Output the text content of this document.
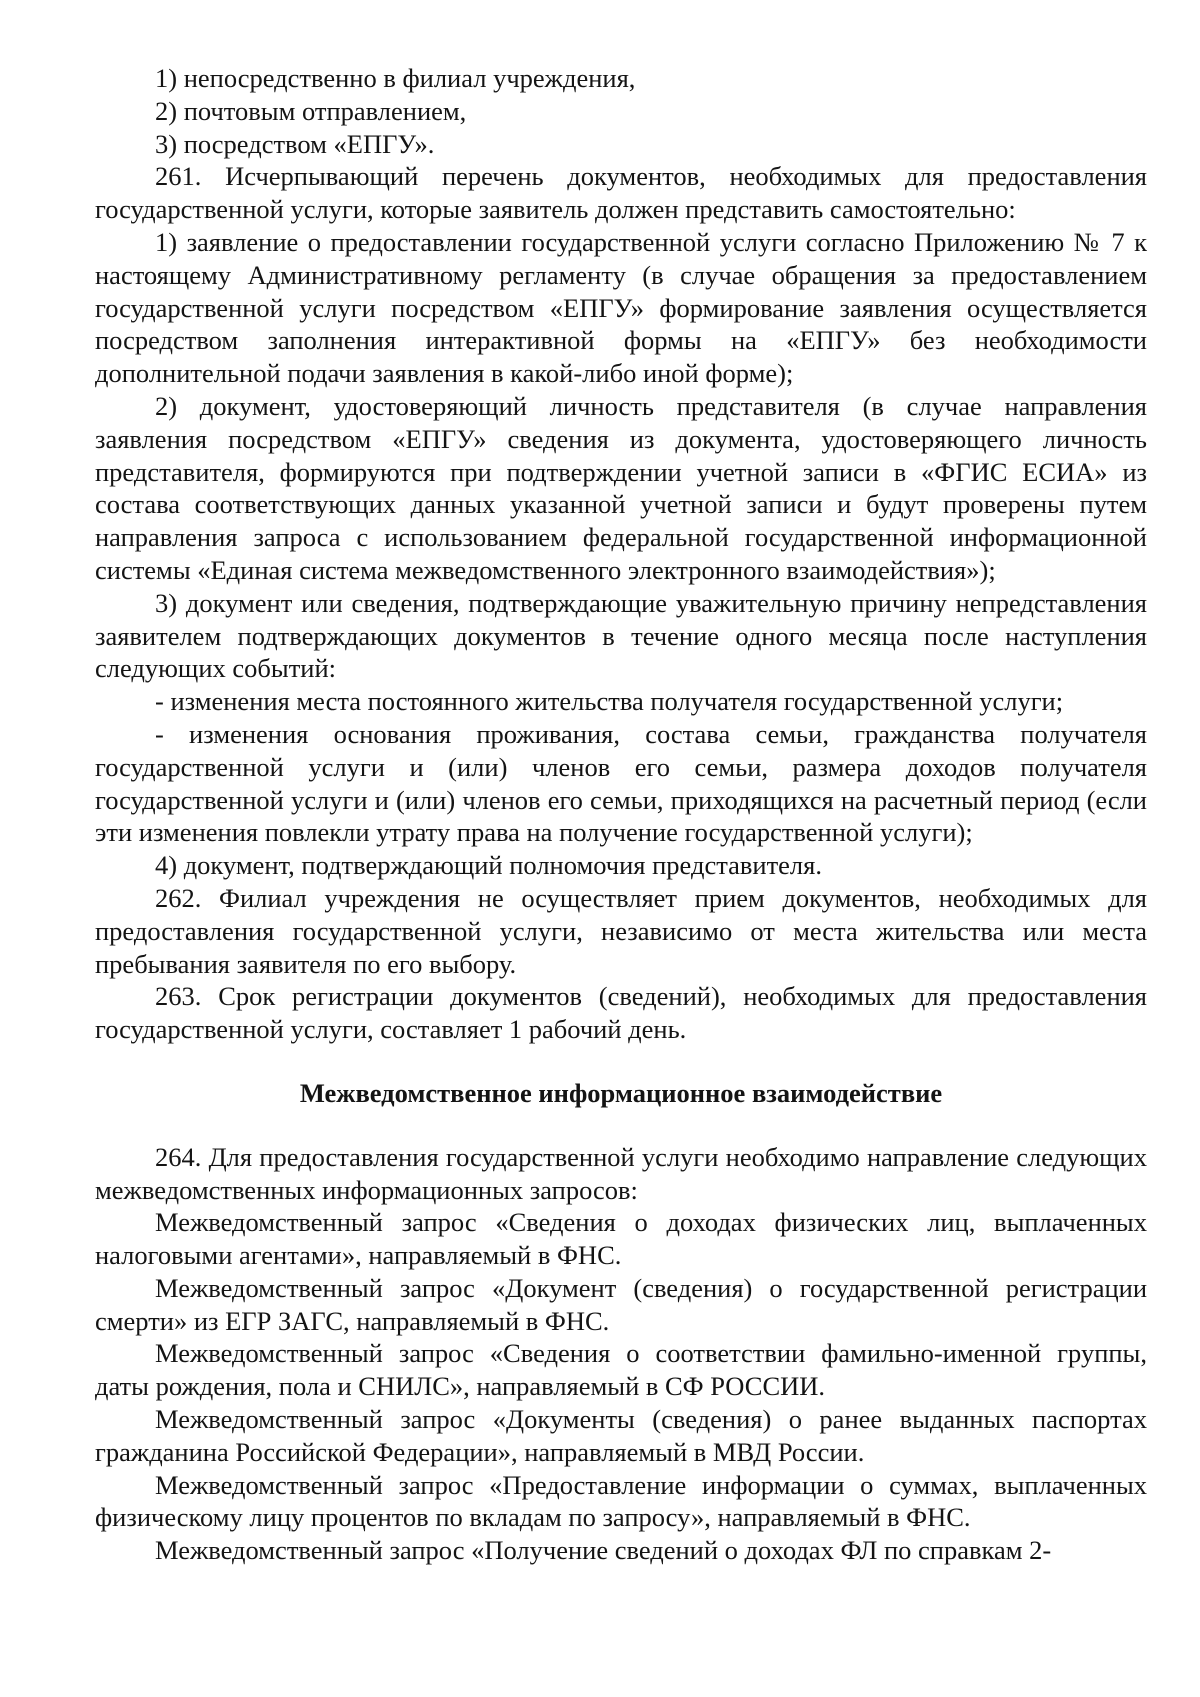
1) непосредственно в филиал учреждения,

2) почтовым отправлением,

3) посредством «ЕПГУ».

261. Исчерпывающий перечень документов, необходимых для предоставления государственной услуги, которые заявитель должен представить самостоятельно:

1) заявление о предоставлении государственной услуги согласно Приложению № 7 к настоящему Административному регламенту (в случае обращения за предоставлением государственной услуги посредством «ЕПГУ» формирование заявления осуществляется посредством заполнения интерактивной формы на «ЕПГУ» без необходимости дополнительной подачи заявления в какой-либо иной форме);

2) документ, удостоверяющий личность представителя (в случае направления заявления посредством «ЕПГУ» сведения из документа, удостоверяющего личность представителя, формируются при подтверждении учетной записи в «ФГИС ЕСИА» из состава соответствующих данных указанной учетной записи и будут проверены путем направления запроса с использованием федеральной государственной информационной системы «Единая система межведомственного электронного взаимодействия»);

3) документ или сведения, подтверждающие уважительную причину непредставления заявителем подтверждающих документов в течение одного месяца после наступления следующих событий:

- изменения места постоянного жительства получателя государственной услуги;

- изменения основания проживания, состава семьи, гражданства получателя государственной услуги и (или) членов его семьи, размера доходов получателя государственной услуги и (или) членов его семьи, приходящихся на расчетный период (если эти изменения повлекли утрату права на получение государственной услуги);

4) документ, подтверждающий полномочия представителя.

262. Филиал учреждения не осуществляет прием документов, необходимых для предоставления государственной услуги, независимо от места жительства или места пребывания заявителя по его выбору.

263. Срок регистрации документов (сведений), необходимых для предоставления государственной услуги, составляет 1 рабочий день.

Межведомственное информационное взаимодействие

264. Для предоставления государственной услуги необходимо направление следующих межведомственных информационных запросов:

Межведомственный запрос «Сведения о доходах физических лиц, выплаченных налоговыми агентами», направляемый в ФНС.

Межведомственный запрос «Документ (сведения) о государственной регистрации смерти» из ЕГР ЗАГС, направляемый в ФНС.

Межведомственный запрос «Сведения о соответствии фамильно-именной группы, даты рождения, пола и СНИЛС», направляемый в СФ РОССИИ.

Межведомственный запрос «Документы (сведения) о ранее выданных паспортах гражданина Российской Федерации», направляемый в МВД России.

Межведомственный запрос «Предоставление информации о суммах, выплаченных физическому лицу процентов по вкладам по запросу», направляемый в ФНС.

Межведомственный запрос «Получение сведений о доходах ФЛ по справкам 2-
